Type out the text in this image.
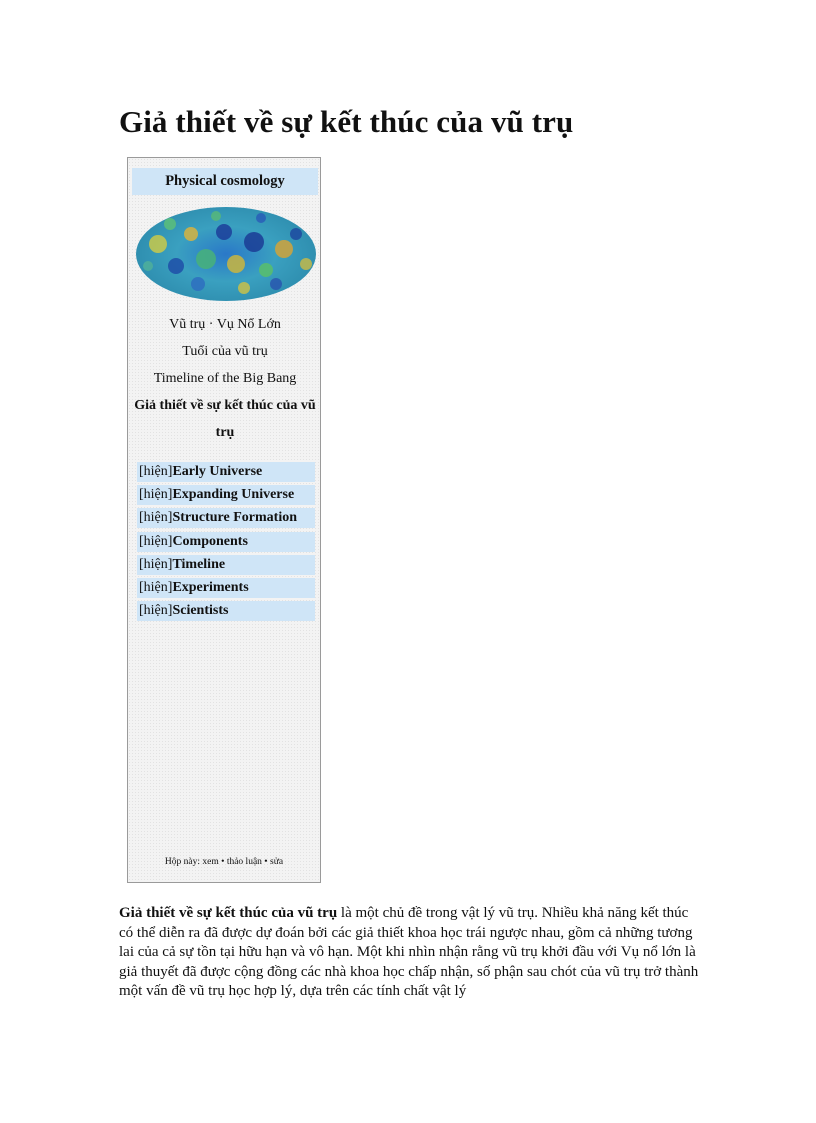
Giả thiết về sự kết thúc của vũ trụ
Physical cosmology
Vũ trụ · Vụ Nổ Lớn
Tuổi của vũ trụ
Timeline of the Big Bang
Giả thiết về sự kết thúc của vũ trụ
[hiện]Early Universe
[hiện]Expanding Universe
[hiện]Structure Formation
[hiện]Components
[hiện]Timeline
[hiện]Experiments
[hiện]Scientists
Hộp này: xem • thảo luận • sửa

Giả thiết về sự kết thúc của vũ trụ là một chủ đề trong vật lý vũ trụ. Nhiều khả năng kết thúc có thể diễn ra đã được dự đoán bởi các giả thiết khoa học trái ngược nhau, gồm cả những tương lai của cả sự tồn tại hữu hạn và vô hạn. Một khi nhìn nhận rằng vũ trụ khởi đầu với Vụ nổ lớn là giả thuyết đã được cộng đồng các nhà khoa học chấp nhận, số phận sau chót của vũ trụ trở thành một vấn đề vũ trụ học hợp lý, dựa trên các tính chất vật lý
